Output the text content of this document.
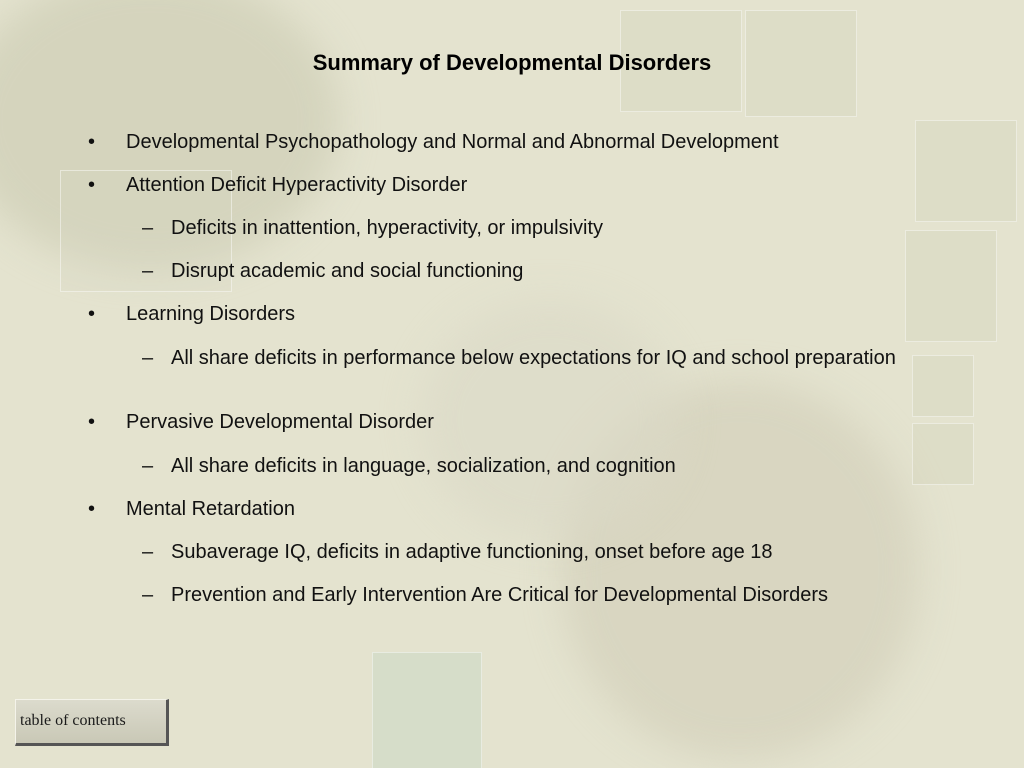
Summary of Developmental Disorders
• Developmental Psychopathology and Normal and Abnormal Development
• Attention Deficit Hyperactivity Disorder
– Deficits in inattention, hyperactivity, or impulsivity
– Disrupt academic and social functioning
• Learning Disorders
– All share deficits in performance below expectations for IQ and school preparation
• Pervasive Developmental Disorder
– All share deficits in language, socialization, and cognition
• Mental Retardation
– Subaverage IQ, deficits in adaptive functioning, onset before age 18
– Prevention and Early Intervention Are Critical for Developmental Disorders
table of contents
